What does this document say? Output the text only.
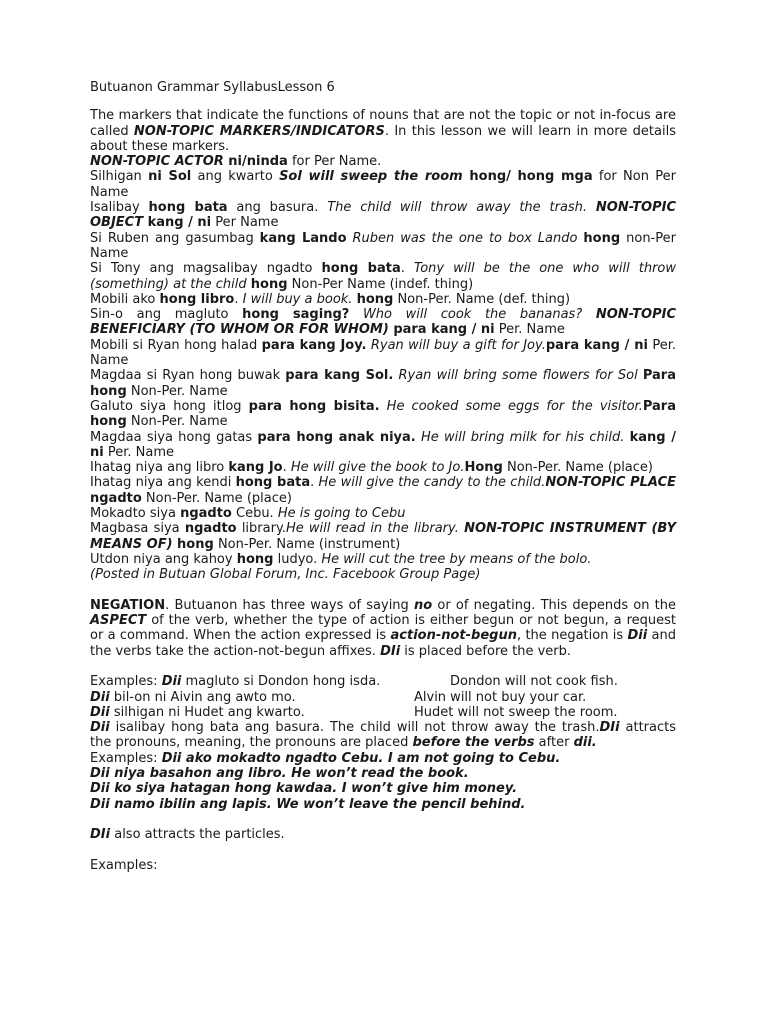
Butuanon Grammar SyllabusLesson 6

The markers that indicate the functions of nouns that are not the topic or not in-focus are called NON-TOPIC MARKERS/INDICATORS. In this lesson we will learn in more details about these markers.

NON-TOPIC ACTOR ni/ninda for Per Name.

Silhigan ni Sol ang kwarto Sol will sweep the room hong/ hong mga for Non Per Name

Isalibay hong bata ang basura. The child will throw away the trash. NON-TOPIC OBJECT kang / ni Per Name

Si Ruben ang gasumbag kang Lando Ruben was the one to box Lando hong non-Per Name

Si Tony ang magsalibay ngadto hong bata. Tony will be the one who will throw (something) at the child hong Non-Per Name (indef. thing)

Mobili ako hong libro. I will buy a book. hong Non-Per. Name (def. thing)

Sin-o ang magluto hong saging? Who will cook the bananas? NON-TOPIC BENEFICIARY (TO WHOM OR FOR WHOM) para kang / ni Per. Name

Mobili si Ryan hong halad para kang Joy. Ryan will buy a gift for Joy.para kang / ni Per. Name

Magdaa si Ryan hong buwak para kang Sol. Ryan will bring some flowers for Sol Para hong Non-Per. Name

Galuto siya hong itlog para hong bisita. He cooked some eggs for the visitor.Para hong Non-Per. Name

Magdaa siya hong gatas para hong anak niya. He will bring milk for his child. kang / ni Per. Name

Ihatag niya ang libro kang Jo. He will give the book to Jo.Hong Non-Per. Name (place)

Ihatag niya ang kendi hong bata. He will give the candy to the child.NON-TOPIC PLACE ngadto Non-Per. Name (place)

Mokadto siya ngadto Cebu. He is going to Cebu

Magbasa siya ngadto library.He will read in the library. NON-TOPIC INSTRUMENT (BY MEANS OF) hong Non-Per. Name (instrument)

Utdon niya ang kahoy hong ludyo. He will cut the tree by means of the bolo.

(Posted in Butuan Global Forum, Inc. Facebook Group Page)

NEGATION. Butuanon has three ways of saying no or of negating. This depends on the ASPECT of the verb, whether the type of action is either begun or not begun, a request or a command. When the action expressed is action-not-begun, the negation is Dii and the verbs take the action-not-begun affixes. DIi is placed before the verb.

Examples: Dii magluto si Dondon hong isda.	Dondon will not cook fish.
Dii bil-on ni Aivin ang awto mo.	Alvin will not buy your car.
Dii silhigan ni Hudet ang kwarto.	Hudet will not sweep the room.

Dii isalibay hong bata ang basura. The child will not throw away the trash.DIi attracts the pronouns, meaning, the pronouns are placed before the verbs after dii.

Examples: Dii ako mokadto ngadto Cebu. I am not going to Cebu.

Dii niya basahon ang libro. He won’t read the book.

Dii ko siya hatagan hong kawdaa. I won’t give him money.

Dii namo ibilin ang lapis. We won’t leave the pencil behind.

DIi also attracts the particles.

Examples:
